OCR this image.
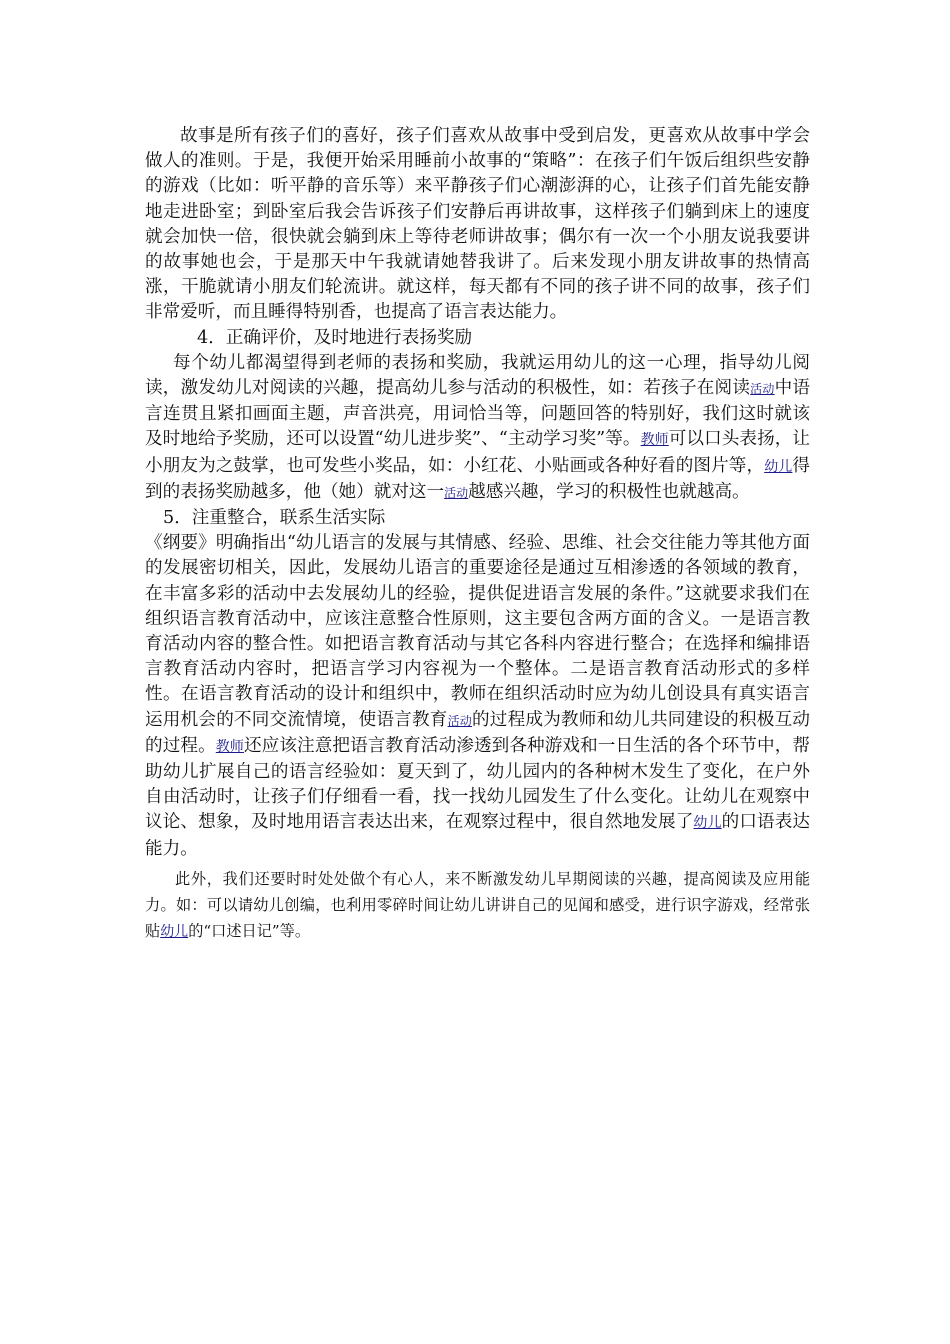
故事是所有孩子们的喜好，孩子们喜欢从故事中受到启发，更喜欢从故事中学会做人的准则。于是，我便开始采用睡前小故事的“策略”：在孩子们午饭后组织些安静的游戏（比如：听平静的音乐等）来平静孩子们心潮澎湃的心，让孩子们首先能安静地走进卧室；到卧室后我会告诉孩子们安静后再讲故事，这样孩子们躺到床上的速度就会加快一倍，很快就会躺到床上等待老师讲故事；偶尔有一次一个小朋友说我要讲的故事她也会，于是那天中午我就请她替我讲了。后来发现小朋友讲故事的热情高涨，干脆就请小朋友们轮流讲。就这样，每天都有不同的孩子讲不同的故事，孩子们非常爱听，而且睡得特别香，也提高了语言表达能力。

4．正确评价，及时地进行表扬奖励

每个幼儿都渴望得到老师的表扬和奖励，我就运用幼儿的这一心理，指导幼儿阅读，激发幼儿对阅读的兴趣，提高幼儿参与活动的积极性，如：若孩子在阅读活动中语言连贯且紧扣画面主题，声音洪亮，用词恰当等，问题回答的特别好，我们这时就该及时地给予奖励，还可以设置“幼儿进步奖”、“主动学习奖”等。教师可以口头表扬，让小朋友为之鼓掌，也可发些小奖品，如：小红花、小贴画或各种好看的图片等，幼儿得到的表扬奖励越多，他（她）就对这一活动越感兴趣，学习的积极性也就越高。

5．注重整合，联系生活实际

《纲要》明确指出“幼儿语言的发展与其情感、经验、思维、社会交往能力等其他方面的发展密切相关，因此，发展幼儿语言的重要途径是通过互相渗透的各领域的教育，在丰富多彩的活动中去发展幼儿的经验，提供促进语言发展的条件。”这就要求我们在组织语言教育活动中，应该注意整合性原则，这主要包含两方面的含义。一是语言教育活动内容的整合性。如把语言教育活动与其它各科内容进行整合；在选择和编排语言教育活动内容时，把语言学习内容视为一个整体。二是语言教育活动形式的多样性。在语言教育活动的设计和组织中，教师在组织活动时应为幼儿创设具有真实语言运用机会的不同交流情境，使语言教育活动的过程成为教师和幼儿共同建设的积极互动的过程。教师还应该注意把语言教育活动渗透到各种游戏和一日生活的各个环节中，帮助幼儿扩展自己的语言经验如：夏天到了，幼儿园内的各种树木发生了变化，在户外自由活动时，让孩子们仔细看一看，找一找幼儿园发生了什么变化。让幼儿在观察中议论、想象，及时地用语言表达出来，在观察过程中，很自然地发展了幼儿的口语表达能力。

此外，我们还要时时处处做个有心人，来不断激发幼儿早期阅读的兴趣，提高阅读及应用能力。如：可以请幼儿创编，也利用零碎时间让幼儿讲讲自己的见闻和感受，进行识字游戏，经常张贴幼儿的“口述日记”等。
